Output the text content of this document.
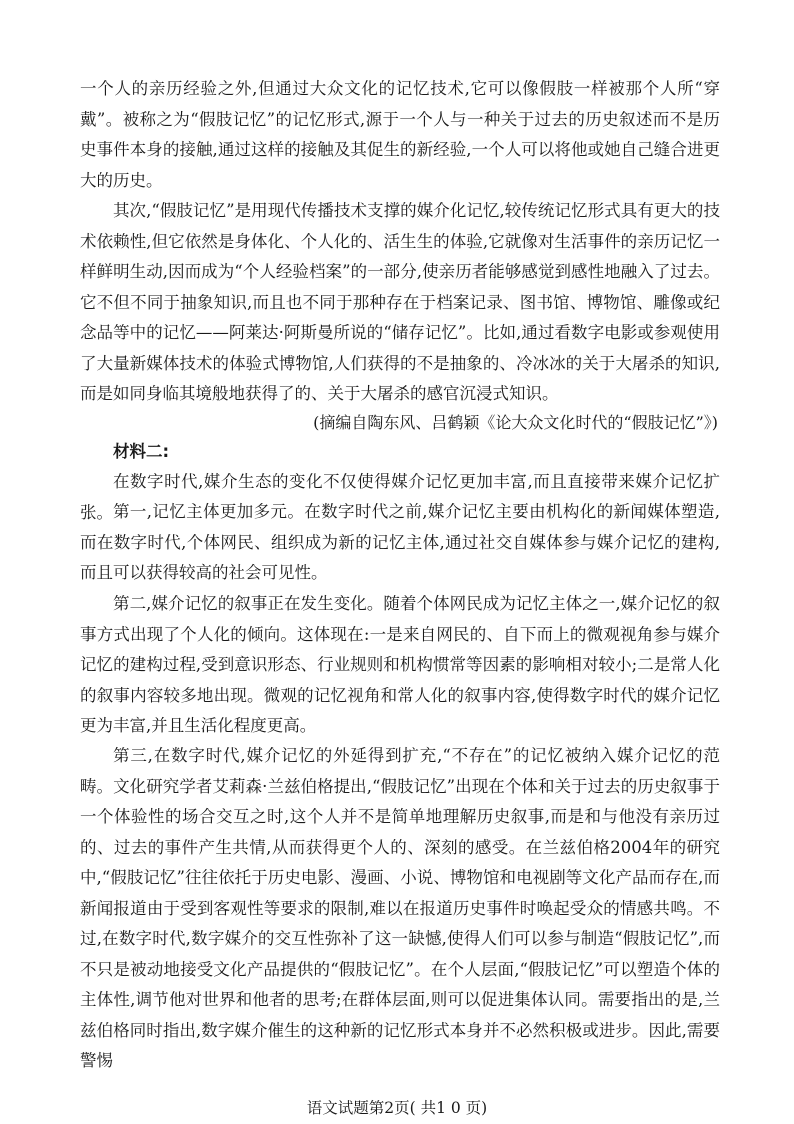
一个人的亲历经验之外,但通过大众文化的记忆技术,它可以像假肢一样被那个人所“穿戴”。被称之为“假肢记忆”的记忆形式,源于一个人与一种关于过去的历史叙述而不是历史事件本身的接触,通过这样的接触及其促生的新经验,一个人可以将他或她自己缝合进更大的历史。

其次,“假肢记忆”是用现代传播技术支撑的媒介化记忆,较传统记忆形式具有更大的技术依赖性,但它依然是身体化、个人化的、活生生的体验,它就像对生活事件的亲历记忆一样鲜明生动,因而成为“个人经验档案”的一部分,使亲历者能够感觉到感性地融入了过去。它不但不同于抽象知识,而且也不同于那种存在于档案记录、图书馆、博物馆、雕像或纪念品等中的记忆——阿莱达·阿斯曼所说的“储存记忆”。比如,通过看数字电影或参观使用了大量新媒体技术的体验式博物馆,人们获得的不是抽象的、冷冰冰的关于大屠杀的知识,而是如同身临其境般地获得了的、关于大屠杀的感官沉浸式知识。

(摘编自陶东风、吕鹤颖《论大众文化时代的“假肢记忆”》)

材料二:

在数字时代,媒介生态的变化不仅使得媒介记忆更加丰富,而且直接带来媒介记忆扩张。 第一,记忆主体更加多元。在数字时代之前,媒介记忆主要由机构化的新闻媒体塑造,而在数字时代,个体网民、组织成为新的记忆主体,通过社交自媒体参与媒介记忆的建构,而且可以获得较高的社会可见性。

第二,媒介记忆的叙事正在发生变化。随着个体网民成为记忆主体之一,媒介记忆的叙事方式出现了个人化的倾向。这体现在:一是来自网民的、自下而上的微观视角参与媒介记忆的建构过程,受到意识形态、行业规则和机构惯常等因素的影响相对较小;二是常人化的叙事内容较多地出现。微观的记忆视角和常人化的叙事内容,使得数字时代的媒介记忆更为丰富,并且生活化程度更高。

第三,在数字时代,媒介记忆的外延得到扩充,“不存在”的记忆被纳入媒介记忆的范畴。文化研究学者艾莉森·兰兹伯格提出,“假肢记忆”出现在个体和关于过去的历史叙事于一个体验性的场合交互之时,这个人并不是简单地理解历史叙事,而是和与他没有亲历过的、过去的事件产生共情,从而获得更个人的、深刻的感受。在兰兹伯格2004年的研究中,“假肢记忆”往往依托于历史电影、漫画、小说、博物馆和电视剧等文化产品而存在,而新闻报道由于受到客观性等要求的限制,难以在报道历史事件时唤起受众的情感共鸣。不过,在数字时代,数字媒介的交互性弥补了这一缺憾,使得人们可以参与制造“假肢记忆”,而不只是被动地接受文化产品提供的“假肢记忆”。在个人层面,“假肢记忆”可以塑造个体的主体性,调节他对世界和他者的思考;在群体层面,则可以促进集体认同。需要指出的是,兰兹伯格同时指出,数字媒介催生的这种新的记忆形式本身并不必然积极或进步。因此,需要警惕

语文试题第2页( 共1 0 页)
